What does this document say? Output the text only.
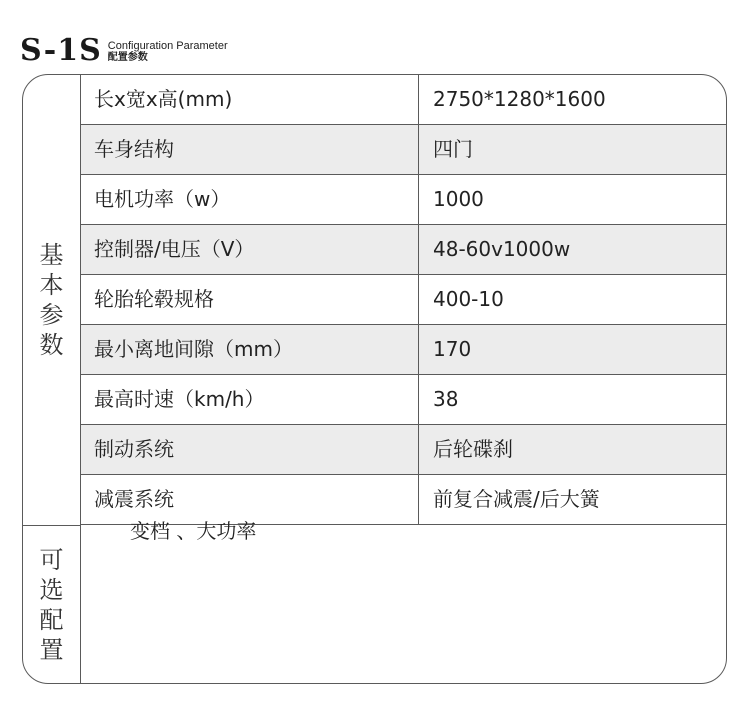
S-1S Configuration Parameter
配置参数
基本参数
可选配置
长x宽x高(mm)	2750*1280*1600
车身结构	四门
电机功率（w）	1000
控制器/电压（V）	48-60v1000w
轮胎轮毂规格	400-10
最小离地间隙（mm）	170
最高时速（km/h）	38
制动系统	后轮碟刹
减震系统	前复合减震/后大簧
变档 、大功率
